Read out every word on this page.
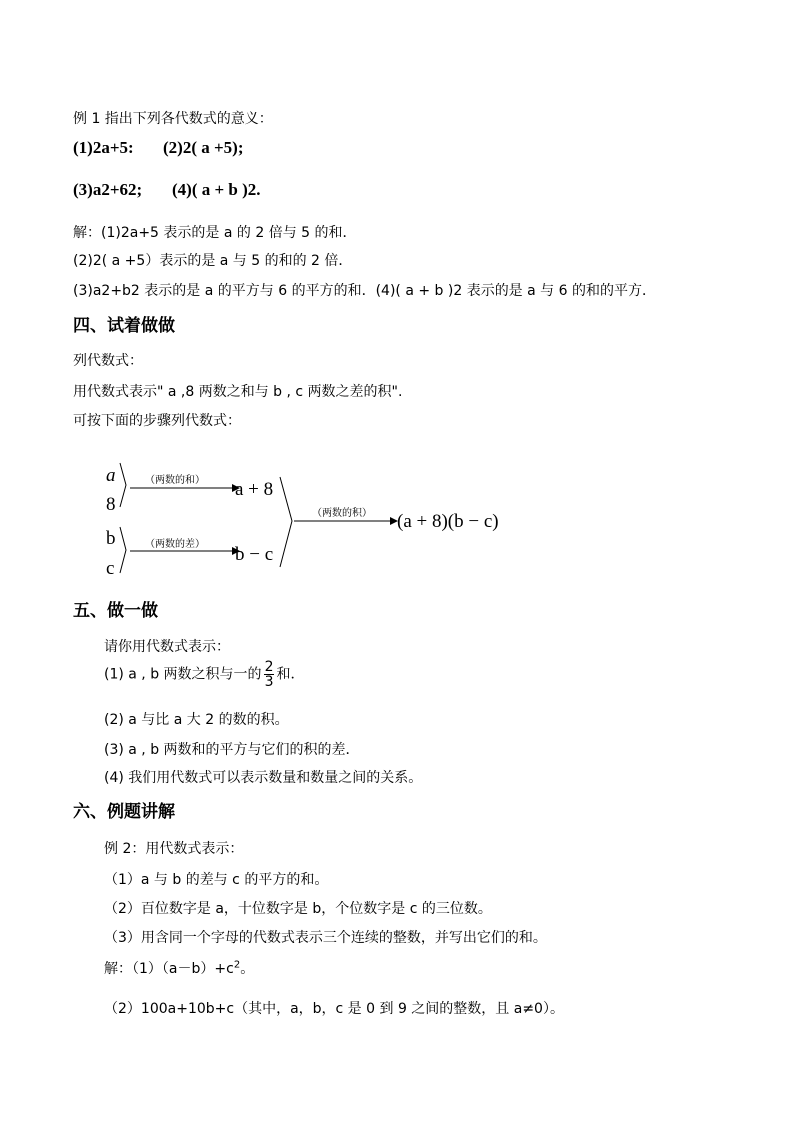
例 1 指出下列各代数式的意义：
(1)2a+5: (2)2( a +5);
(3)a2+62; (4)( a + b )2.
解：(1)2a+5 表示的是 a 的 2 倍与 5 的和．
(2)2( a +5）表示的是 a 与 5 的和的 2 倍．
(3)a2+b2 表示的是 a 的平方与 6 的平方的和．(4)( a + b )2 表示的是 a 与 6 的和的平方．
四、试着做做
列代数式：
用代数式表示" a ,8 两数之和与 b , c 两数之差的积".
可按下面的步骤列代数式：
a
8
（两数的和） a + 8
b
c
（两数的差） b − c
（两数的积） (a + 8)(b − c)
五、做一做
请你用代数式表示：
(1) a , b 两数之积与一的 $\frac{2}{3}$ 和．
(2) a 与比 a 大 2 的数的积。
(3) a , b 两数和的平方与它们的积的差．
(4) 我们用代数式可以表示数量和数量之间的关系。
六、例题讲解
例 2：用代数式表示：
（1）a 与 b 的差与 c 的平方的和。
（2）百位数字是 a，十位数字是 b，个位数字是 c 的三位数。
（3）用含同一个字母的代数式表示三个连续的整数，并写出它们的和。
解：$(1)(a-b)+c^2$。
（2）100a+10b+c（其中，a，b，c 是 0 到 9 之间的整数，且 a≠0）。
